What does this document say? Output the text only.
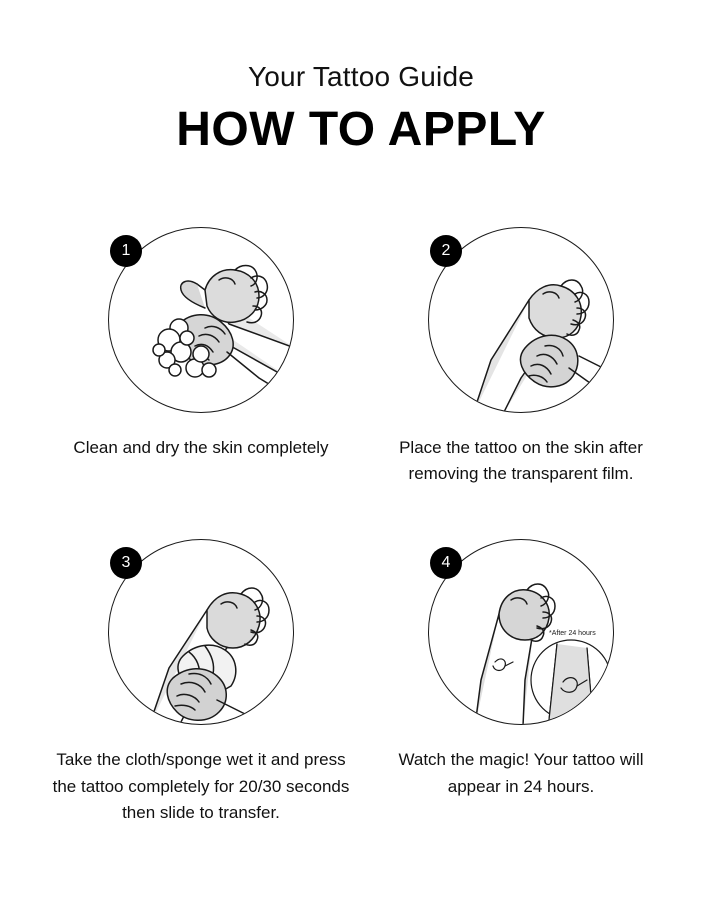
Your Tattoo Guide
HOW TO APPLY
1
Clean and dry the skin completely
2
Place the tattoo on the skin after removing the transparent film.
3
Take the cloth/sponge wet it and press the tattoo completely for 20/30 seconds then slide to transfer.
*After 24 hours
4
Watch the magic! Your tattoo will appear in 24 hours.
